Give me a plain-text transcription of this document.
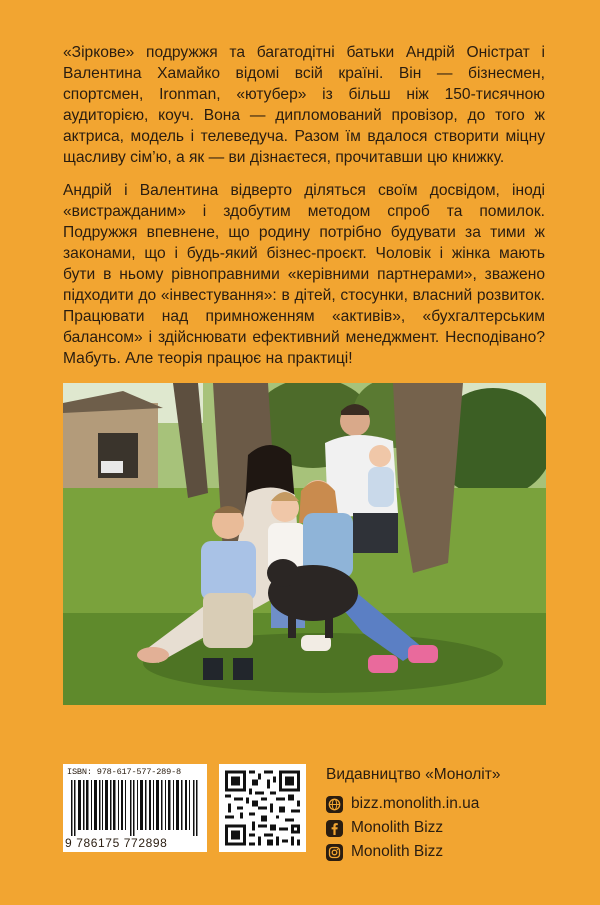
«Зіркове» подружжя та багатодітні батьки Андрій Оністрат і Валентина Хамайко відомі всій країні. Він — бізнесмен, спортсмен, Ironman, «ютубер» із більш ніж 150-тисячною аудиторією, коуч. Вона — дипломований провізор, до того ж актриса, модель і телеведуча. Разом їм вдалося створити міцну щасливу сім’ю, а як — ви дізнаєтеся, прочитавши цю книжку.

Андрій і Валентина відверто діляться своїм досвідом, іноді «вистражданим» і здобутим методом спроб та помилок. Подружжя впевнене, що родину потрібно будувати за тими ж законами, що і будь-який бізнес-проєкт. Чоловік і жінка мають бути в ньому рівноправними «керівними партнерами», зважено підходити до «інвестування»: в дітей, стосунки, власний розвиток. Працювати над примноженням «активів», «бухгалтерським балансом» і здійснювати ефективний менеджмент. Несподівано? Мабуть. Але теорія працює на практиці!

ISBN: 978-617-577-289-8
9 786175 772898
Видавництво «Моноліт»
bizz.monolith.in.ua
Monolith Bizz
Monolith Bizz
